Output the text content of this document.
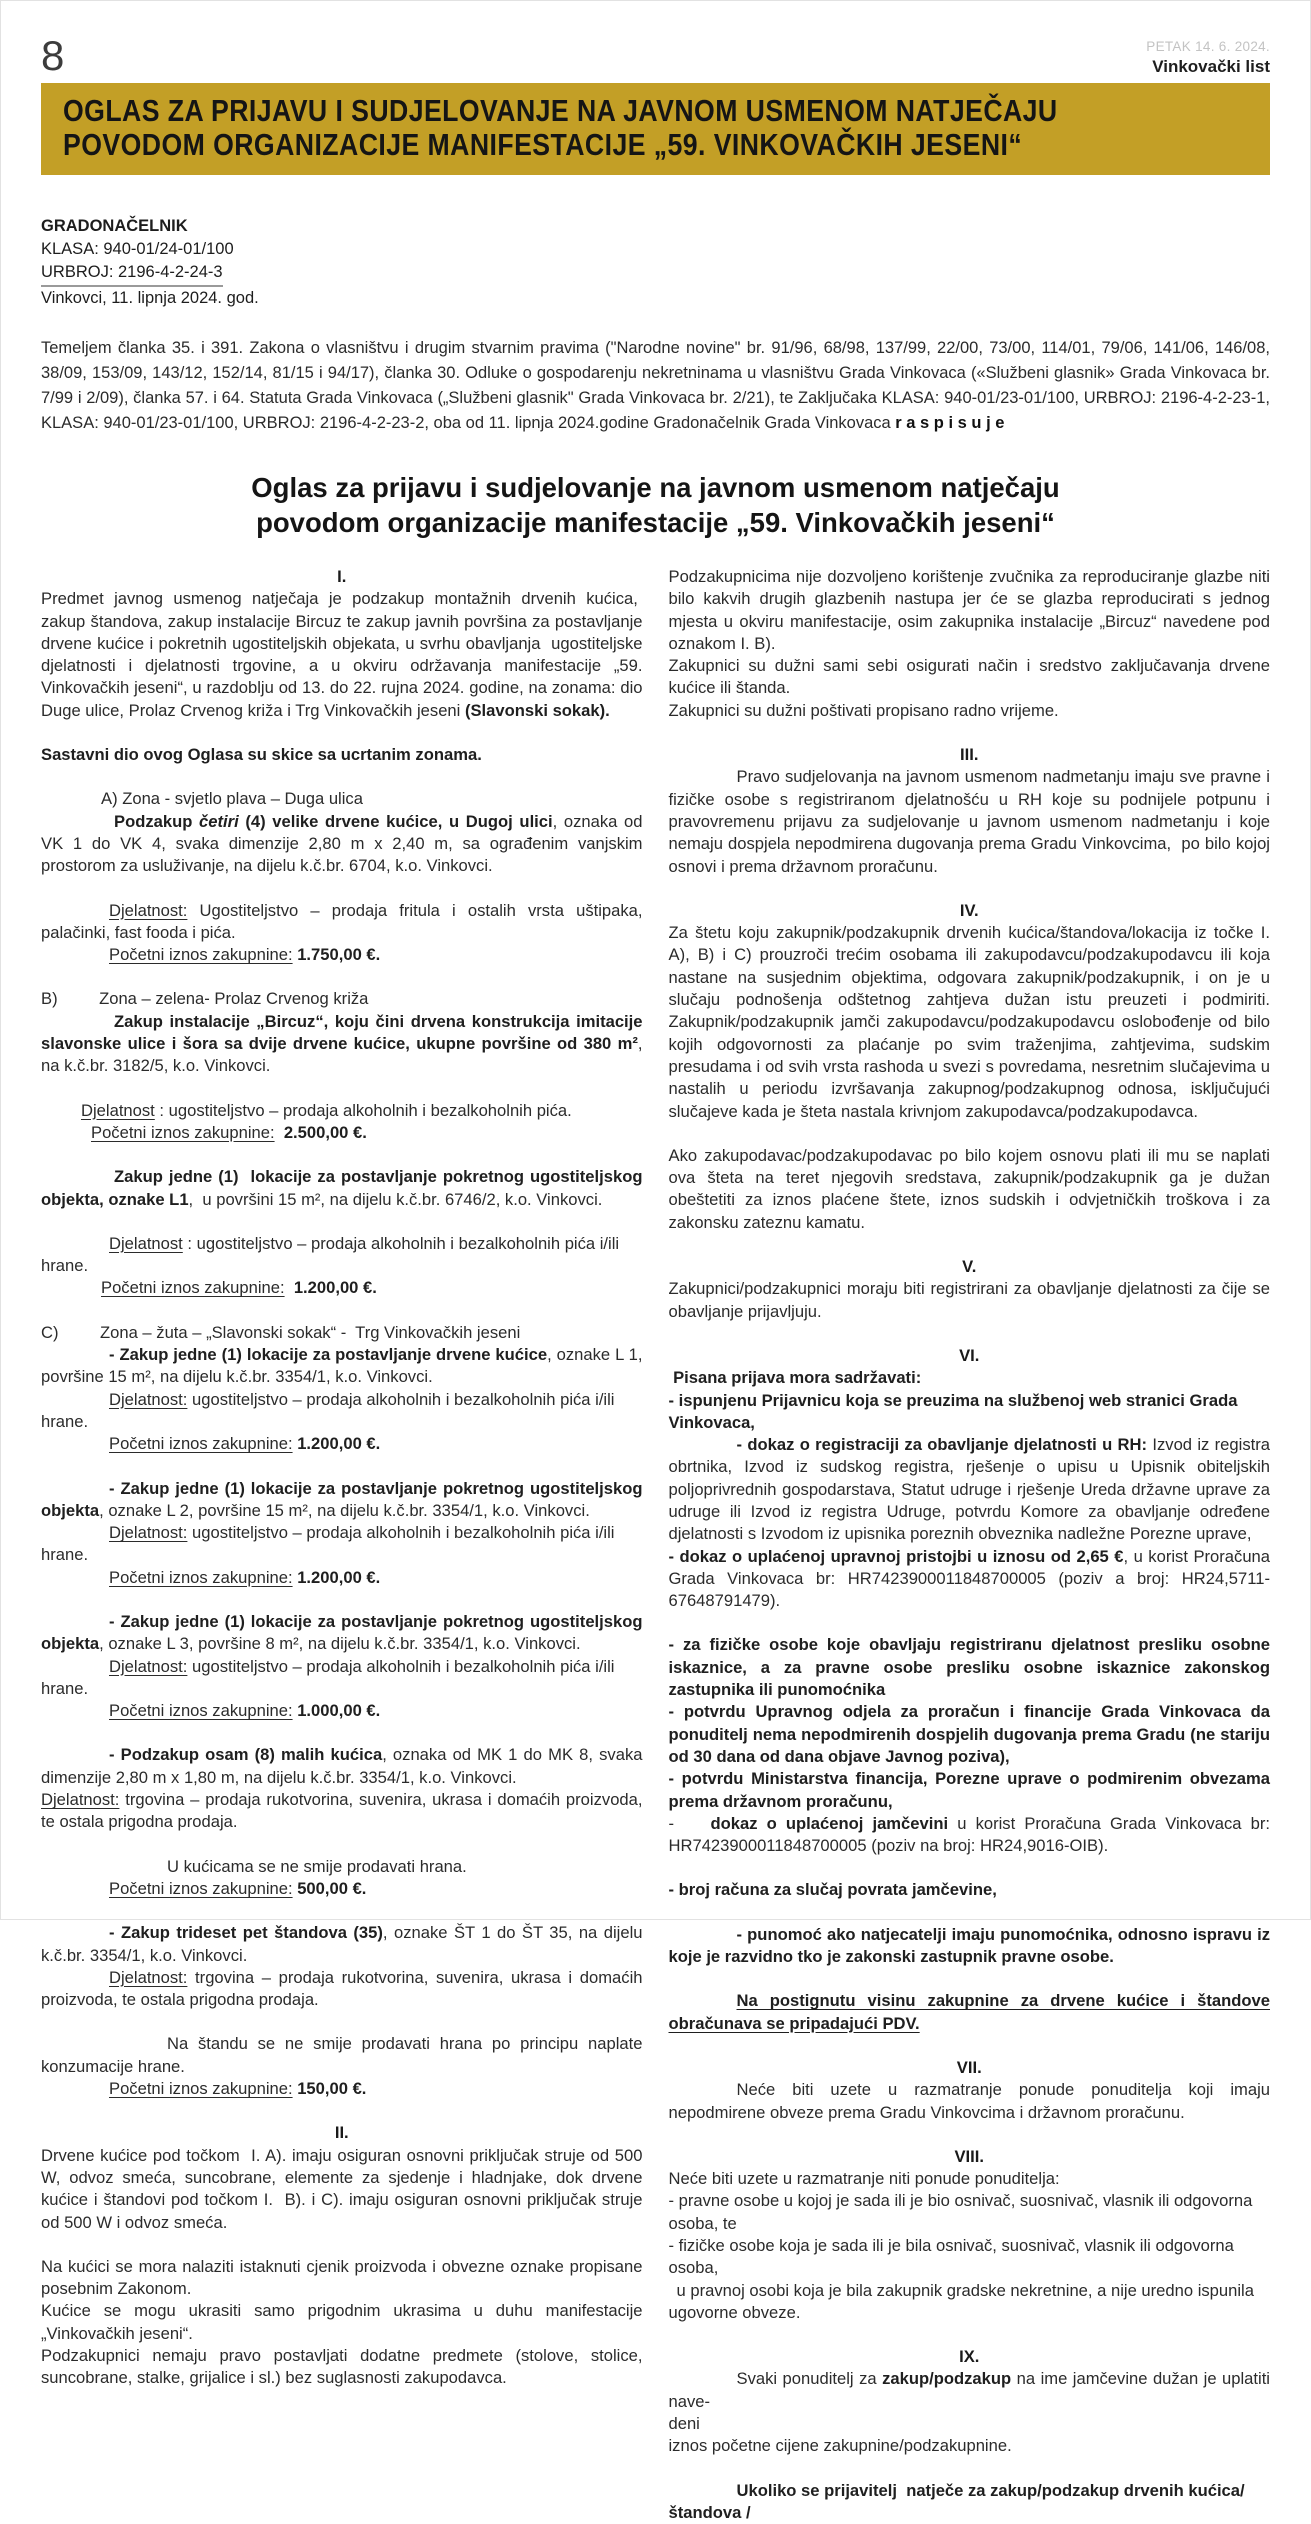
8	PETAK 14. 6. 2024.
Vinkovački list
OGLAS ZA PRIJAVU I SUDJELOVANJE NA JAVNOM USMENOM NATJEČAJU
POVODOM ORGANIZACIJE MANIFESTACIJE „59. VINKOVAČKIH JESENI“
GRADONAČELNIK
KLASA: 940-01/24-01/100
URBROJ: 2196-4-2-24-3
Vinkovci, 11. lipnja 2024. god.

Temeljem članka 35. i 391. Zakona o vlasništvu i drugim stvarnim pravima ("Narodne novine" br. 91/96, 68/98, 137/99, 22/00, 73/00, 114/01, 79/06, 141/06, 146/08, 38/09, 153/09, 143/12, 152/14, 81/15 i 94/17), članka 30. Odluke o gospodarenju nekretninama u vlasništvu Grada Vinkovaca («Službeni glasnik» Grada Vinkovaca br. 7/99 i 2/09), članka 57. i 64. Statuta Grada Vinkovaca („Službeni glasnik" Grada Vinkovaca br. 2/21), te Zaključaka KLASA: 940-01/23-01/100, URBROJ: 2196-4-2-23-1, KLASA: 940-01/23-01/100, URBROJ: 2196-4-2-23-2, oba od 11. lipnja 2024.godine Gradonačelnik Grada Vinkovaca r a s p i s u j e

Oglas za prijavu i sudjelovanje na javnom usmenom natječaju
povodom organizacije manifestacije „59. Vinkovačkih jeseni“
I.
Predmet javnog usmenog natječaja je podzakup montažnih drvenih kućica,  zakup štandova, zakup instalacije Bircuz te zakup javnih površina za postavljanje drvene kućice i pokretnih ugostiteljskih objekata, u svrhu obavljanja  ugostiteljske djelatnosti i djelatnosti trgovine, a u okviru održavanja manifestacije „59. Vinkovačkih jeseni“, u razdoblju od 13. do 22. rujna 2024. godine, na zonama: dio Duge ulice, Prolaz Crvenog križa i Trg Vinkovačkih jeseni (Slavonski sokak).
Sastavni dio ovog Oglasa su skice sa ucrtanim zonama.
A) Zona - svjetlo plava – Duga ulica
Podzakup četiri (4) velike drvene kućice, u Dugoj ulici, oznaka od VK 1 do VK 4, svaka dimenzije 2,80 m x 2,40 m, sa ograđenim vanjskim prostorom za usluživanje, na dijelu k.č.br. 6704, k.o. Vinkovci.
Djelatnost: Ugostiteljstvo – prodaja fritula i ostalih vrsta uštipaka, palačinki, fast fooda i pića.
Početni iznos zakupnine: 1.750,00 €.
B)         Zona – zelena- Prolaz Crvenog križa
Zakup instalacije „Bircuz“, koju čini drvena konstrukcija imitacije slavonske ulice i šora sa dvije drvene kućice, ukupne površine od 380 m², na k.č.br. 3182/5, k.o. Vinkovci.
Djelatnost : ugostiteljstvo – prodaja alkoholnih i bezalkoholnih pića.
Početni iznos zakupnine: 2.500,00 €.
Zakup jedne (1)  lokacije za postavljanje pokretnog ugostiteljskog objekta, oznake L1,  u površini 15 m², na dijelu k.č.br. 6746/2, k.o. Vinkovci.
Djelatnost : ugostiteljstvo – prodaja alkoholnih i bezalkoholnih pića i/ili hrane.
Početni iznos zakupnine: 1.200,00 €.
C)         Zona – žuta – „Slavonski sokak“ -  Trg Vinkovačkih jeseni
- Zakup jedne (1) lokacije za postavljanje drvene kućice, oznake L 1, površine 15 m², na dijelu k.č.br. 3354/1, k.o. Vinkovci.
Djelatnost: ugostiteljstvo – prodaja alkoholnih i bezalkoholnih pića i/ili hrane.
Početni iznos zakupnine: 1.200,00 €.
- Zakup jedne (1) lokacije za postavljanje pokretnog ugostiteljskog objekta, oznake L 2, površine 15 m², na dijelu k.č.br. 3354/1, k.o. Vinkovci.
Djelatnost: ugostiteljstvo – prodaja alkoholnih i bezalkoholnih pića i/ili hrane.
Početni iznos zakupnine: 1.200,00 €.
- Zakup jedne (1) lokacije za postavljanje pokretnog ugostiteljskog objekta, oznake L 3, površine 8 m², na dijelu k.č.br. 3354/1, k.o. Vinkovci.
Djelatnost: ugostiteljstvo – prodaja alkoholnih i bezalkoholnih pića i/ili hrane.
Početni iznos zakupnine: 1.000,00 €.
- Podzakup osam (8) malih kućica, oznaka od MK 1 do MK 8, svaka dimenzije 2,80 m x 1,80 m, na dijelu k.č.br. 3354/1, k.o. Vinkovci.
Djelatnost: trgovina – prodaja rukotvorina, suvenira, ukrasa i domaćih proizvoda, te ostala prigodna prodaja.
U kućicama se ne smije prodavati hrana.
Početni iznos zakupnine: 500,00 €.
- Zakup trideset pet štandova (35), oznake ŠT 1 do ŠT 35, na dijelu k.č.br. 3354/1, k.o. Vinkovci.
Djelatnost: trgovina – prodaja rukotvorina, suvenira, ukrasa i domaćih proizvoda, te ostala prigodna prodaja.
Na štandu se ne smije prodavati hrana po principu naplate konzumacije hrane.
Početni iznos zakupnine: 150,00 €.
II.
Drvene kućice pod točkom  I. A). imaju osiguran osnovni priključak struje od 500 W, odvoz smeća, suncobrane, elemente za sjedenje i hladnjake, dok drvene kućice i štandovi pod točkom I.  B). i C). imaju osiguran osnovni priključak struje od 500 W i odvoz smeća.
Na kućici se mora nalaziti istaknuti cjenik proizvoda i obvezne oznake propisane posebnim Zakonom.
Kućice se mogu ukrasiti samo prigodnim ukrasima u duhu manifestacije „Vinkovačkih jeseni“.
Podzakupnici nemaju pravo postavljati dodatne predmete (stolove, stolice, suncobrane, stalke, grijalice i sl.) bez suglasnosti zakupodavca.
Podzakupnicima nije dozvoljeno korištenje zvučnika za reproduciranje glazbe niti bilo kakvih drugih glazbenih nastupa jer će se glazba reproducirati s jednog mjesta u okviru manifestacije, osim zakupnika instalacije „Bircuz“ navedene pod oznakom I. B).
Zakupnici su dužni sami sebi osigurati način i sredstvo zaključavanja drvene kućice ili štanda.
Zakupnici su dužni poštivati propisano radno vrijeme.
III.
Pravo sudjelovanja na javnom usmenom nadmetanju imaju sve pravne i fizičke osobe s registriranom djelatnošću u RH koje su podnijele potpunu i pravovremenu prijavu za sudjelovanje u javnom usmenom nadmetanju i koje nemaju dospjela nepodmirena dugovanja prema Gradu Vinkovcima,  po bilo kojoj osnovi i prema državnom proračunu.
IV.
Za štetu koju zakupnik/podzakupnik drvenih kućica/štandova/lokacija iz točke I. A), B) i C) prouzroči trećim osobama ili zakupodavcu/podzakupodavcu ili koja nastane na susjednim objektima, odgovara zakupnik/podzakupnik, i on je u slučaju podnošenja odštetnog zahtjeva dužan istu preuzeti i podmiriti. Zakupnik/podzakupnik jamči zakupodavcu/podzakupodavcu oslobođenje od bilo kojih odgovornosti za plaćanje po svim traženjima, zahtjevima, sudskim presudama i od svih vrsta rashoda u svezi s povredama, nesretnim slučajevima u nastalih u periodu izvršavanja zakupnog/podzakupnog odnosa, isključujući slučajeve kada je šteta nastala krivnjom zakupodavca/podzakupodavca.
Ako zakupodavac/podzakupodavac po bilo kojem osnovu plati ili mu se naplati ova šteta na teret njegovih sredstava, zakupnik/podzakupnik ga je dužan obeštetiti za iznos plaćene štete, iznos sudskih i odvjetničkih troškova i za zakonsku zateznu kamatu.
V.
Zakupnici/podzakupnici moraju biti registrirani za obavljanje djelatnosti za čije se obavljanje prijavljuju.
VI.
Pisana prijava mora sadržavati:
- ispunjenu Prijavnicu koja se preuzima na službenoj web stranici Grada Vinkovaca,
- dokaz o registraciji za obavljanje djelatnosti u RH: Izvod iz registra obrtnika, Izvod iz sudskog registra, rješenje o upisu u Upisnik obiteljskih poljoprivrednih gospodarstava, Statut udruge i rješenje Ureda državne uprave za udruge ili Izvod iz registra Udruge, potvrdu Komore za obavljanje određene djelatnosti s Izvodom iz upisnika poreznih obveznika nadležne Porezne uprave,
- dokaz o uplaćenoj upravnoj pristojbi u iznosu od 2,65 €, u korist Proračuna Grada Vinkovaca br: HR7423900011848700005 (poziv a broj: HR24,5711-67648791479).
- za fizičke osobe koje obavljaju registriranu djelatnost presliku osobne iskaznice, a za pravne osobe presliku osobne iskaznice zakonskog zastupnika ili punomoćnika
- potvrdu Upravnog odjela za proračun i financije Grada Vinkovaca da ponuditelj nema nepodmirenih dospjelih dugovanja prema Gradu (ne stariju od 30 dana od dana objave Javnog poziva),
- potvrdu Ministarstva financija, Porezne uprave o podmirenim obvezama prema državnom proračunu,
-    dokaz o uplaćenoj jamčevini u korist Proračuna Grada Vinkovaca br: HR7423900011848700005 (poziv na broj: HR24,9016-OIB).
- broj računa za slučaj povrata jamčevine,
- punomoć ako natjecatelji imaju punomoćnika, odnosno ispravu iz koje je razvidno tko je zakonski zastupnik pravne osobe.
Na postignutu visinu zakupnine za drvene kućice i štandove obračunava se pripadajući PDV.
VII.
Neće biti uzete u razmatranje ponude ponuditelja koji imaju nepodmirene obveze prema Gradu Vinkovcima i državnom proračunu.
VIII.
Neće biti uzete u razmatranje niti ponude ponuditelja:
- pravne osobe u kojoj je sada ili je bio osnivač, suosnivač, vlasnik ili odgovorna osoba, te
- fizičke osobe koja je sada ili je bila osnivač, suosnivač, vlasnik ili odgovorna osoba,
u pravnoj osobi koja je bila zakupnik gradske nekretnine, a nije uredno ispunila ugovorne obveze.
IX.
Svaki ponuditelj za zakup/podzakup na ime jamčevine dužan je uplatiti nave-
deni
iznos početne cijene zakupnine/podzakupnine.
Ukoliko se prijavitelj  natječe za zakup/podzakup drvenih kućica/štandova /
